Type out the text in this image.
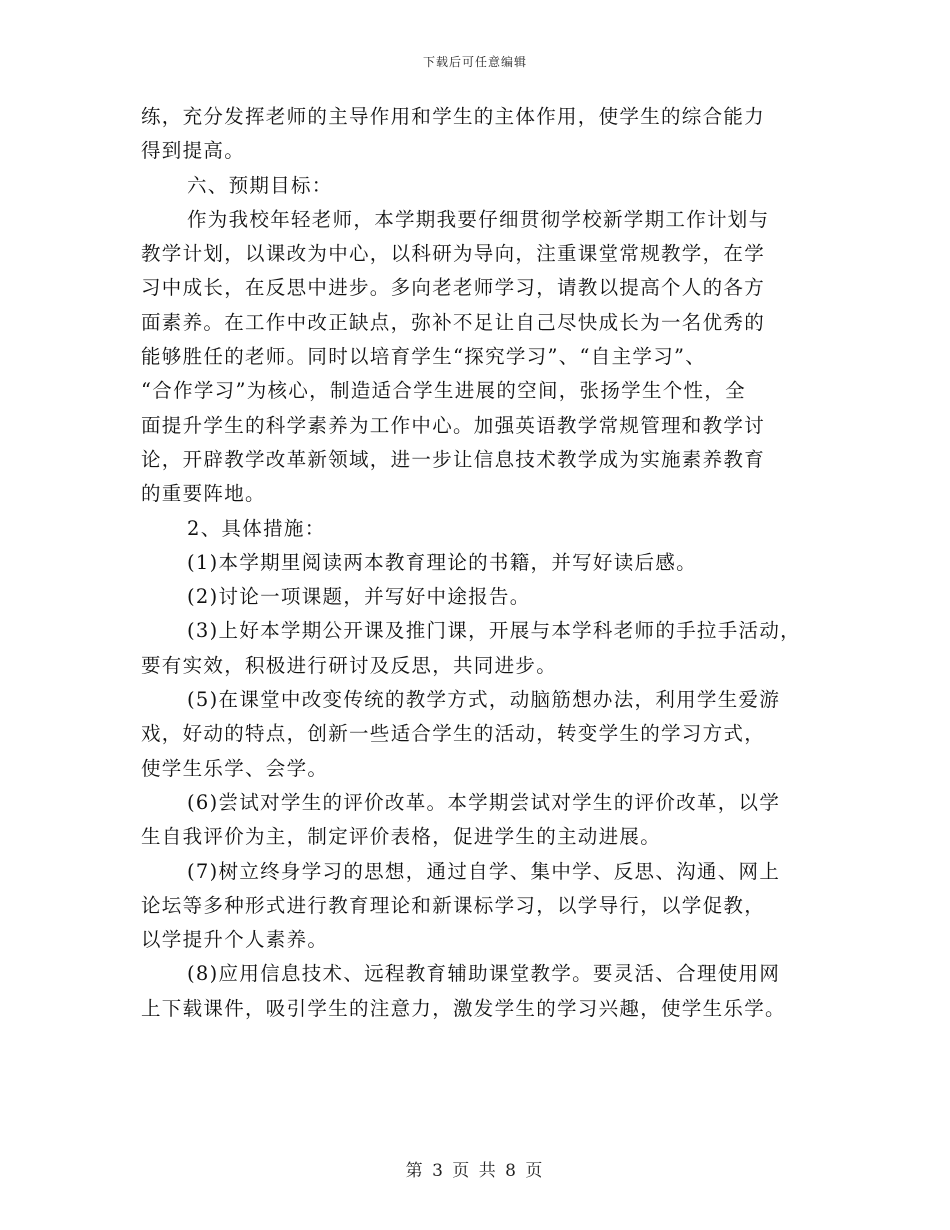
下载后可任意编辑
练，充分发挥老师的主导作用和学生的主体作用，使学生的综合能力
得到提高。
六、预期目标：
作为我校年轻老师，本学期我要仔细贯彻学校新学期工作计划与
教学计划，以课改为中心，以科研为导向，注重课堂常规教学，在学
习中成长，在反思中进步。多向老老师学习，请教以提高个人的各方
面素养。在工作中改正缺点，弥补不足让自己尽快成长为一名优秀的
能够胜任的老师。同时以培育学生“探究学习”、“自主学习”、
“合作学习”为核心，制造适合学生进展的空间，张扬学生个性，全
面提升学生的科学素养为工作中心。加强英语教学常规管理和教学讨
论，开辟教学改革新领域，进一步让信息技术教学成为实施素养教育
的重要阵地。
2、具体措施：
(1)本学期里阅读两本教育理论的书籍，并写好读后感。
(2)讨论一项课题，并写好中途报告。
(3)上好本学期公开课及推门课，开展与本学科老师的手拉手活动，
要有实效，积极进行研讨及反思，共同进步。
(5)在课堂中改变传统的教学方式，动脑筋想办法，利用学生爱游
戏，好动的特点，创新一些适合学生的活动，转变学生的学习方式，
使学生乐学、会学。
(6)尝试对学生的评价改革。本学期尝试对学生的评价改革，以学
生自我评价为主，制定评价表格，促进学生的主动进展。
(7)树立终身学习的思想，通过自学、集中学、反思、沟通、网上
论坛等多种形式进行教育理论和新课标学习，以学导行，以学促教，
以学提升个人素养。
(8)应用信息技术、远程教育辅助课堂教学。要灵活、合理使用网
上下载课件，吸引学生的注意力，激发学生的学习兴趣，使学生乐学。
第 3 页 共 8 页
